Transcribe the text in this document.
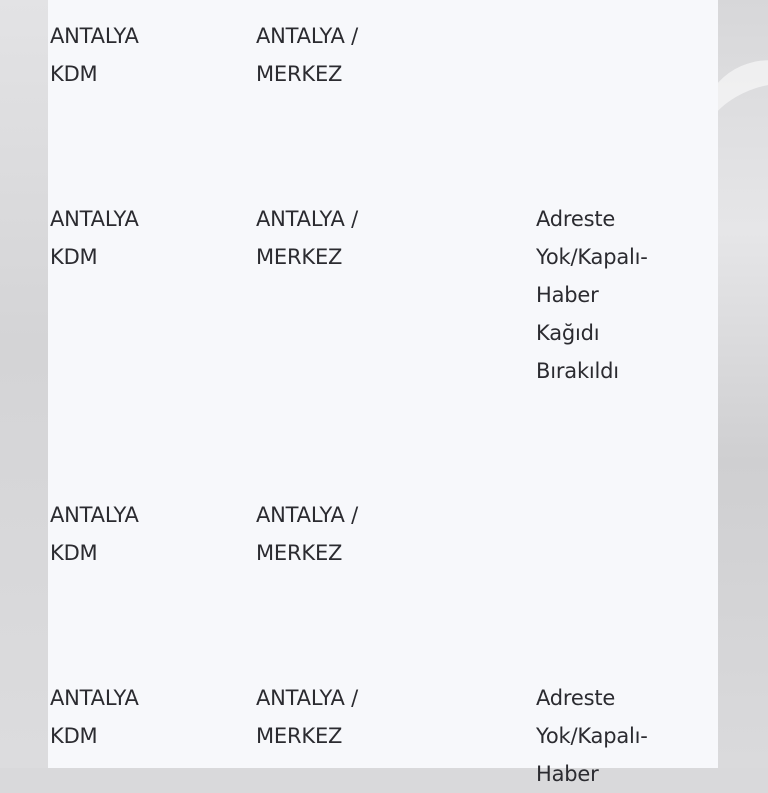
ANTALYA
KDM
ANTALYA /
MERKEZ
ANTALYA
KDM
ANTALYA /
MERKEZ
Adreste
Yok/Kapalı-
Haber
Kağıdı
Bırakıldı
ANTALYA
KDM
ANTALYA /
MERKEZ
ANTALYA
KDM
ANTALYA /
MERKEZ
Adreste
Yok/Kapalı-
Haber
